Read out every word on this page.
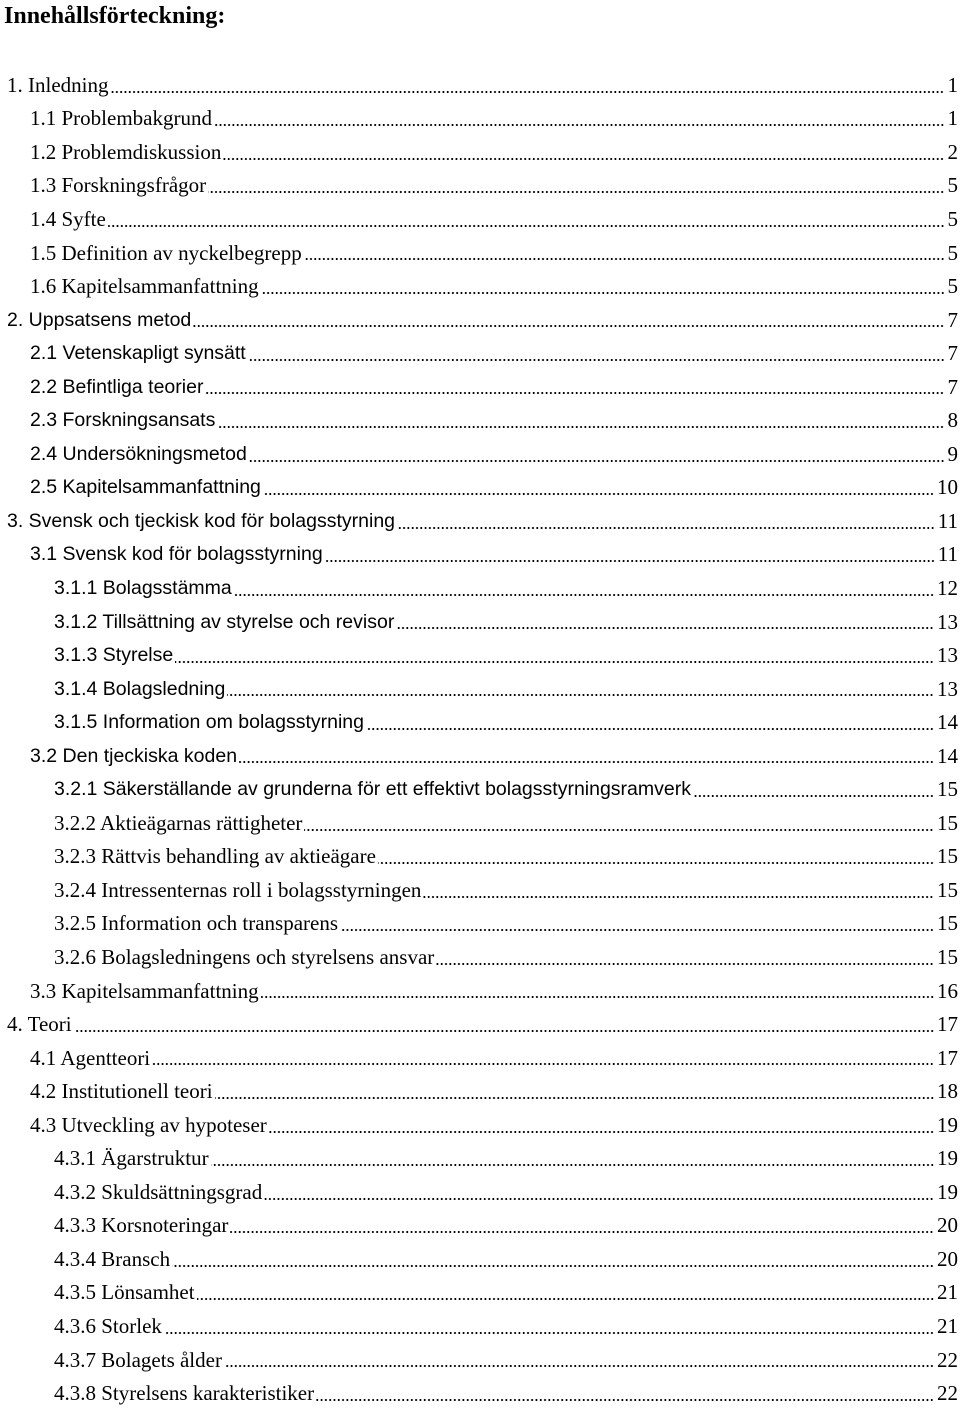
Innehållsförteckning:
1. Inledning	1
1.1 Problembakgrund	1
1.2 Problemdiskussion	2
1.3 Forskningsfrågor	5
1.4 Syfte	5
1.5 Definition av nyckelbegrepp	5
1.6 Kapitelsammanfattning	5
2. Uppsatsens metod	7
2.1 Vetenskapligt synsätt	7
2.2 Befintliga teorier	7
2.3 Forskningsansats	8
2.4 Undersökningsmetod	9
2.5 Kapitelsammanfattning	10
3. Svensk och tjeckisk kod för bolagsstyrning	11
3.1 Svensk kod för bolagsstyrning	11
3.1.1 Bolagsstämma	12
3.1.2 Tillsättning av styrelse och revisor	13
3.1.3 Styrelse	13
3.1.4 Bolagsledning	13
3.1.5 Information om bolagsstyrning	14
3.2 Den tjeckiska koden	14
3.2.1 Säkerställande av grunderna för ett effektivt bolagsstyrningsramverk	15
3.2.2 Aktieägarnas rättigheter	15
3.2.3 Rättvis behandling av aktieägare	15
3.2.4 Intressenternas roll i bolagsstyrningen	15
3.2.5 Information och transparens	15
3.2.6 Bolagsledningens och styrelsens ansvar	15
3.3 Kapitelsammanfattning	16
4. Teori	17
4.1 Agentteori	17
4.2 Institutionell teori	18
4.3 Utveckling av hypoteser	19
4.3.1 Ägarstruktur	19
4.3.2 Skuldsättningsgrad	19
4.3.3 Korsnoteringar	20
4.3.4 Bransch	20
4.3.5 Lönsamhet	21
4.3.6 Storlek	21
4.3.7 Bolagets ålder	22
4.3.8 Styrelsens karakteristiker	22
